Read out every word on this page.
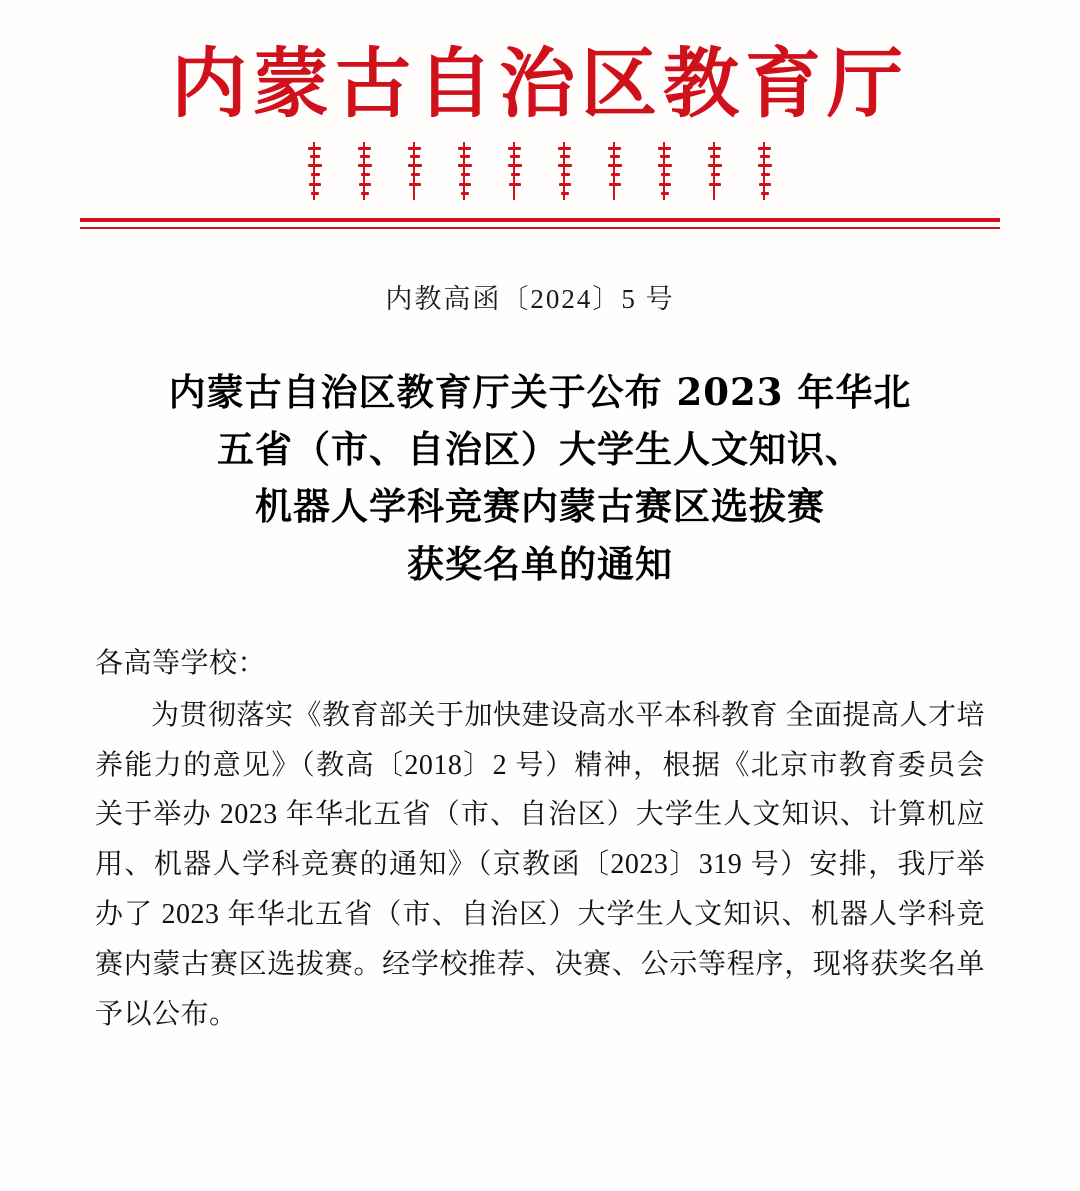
内蒙古自治区教育厅
内教高函〔2024〕5 号
内蒙古自治区教育厅关于公布 2023 年华北
五省（市、自治区）大学生人文知识、
机器人学科竞赛内蒙古赛区选拔赛
获奖名单的通知

各高等学校：

为贯彻落实《教育部关于加快建设高水平本科教育 全面提高人才培养能力的意见》（教高〔2018〕2 号）精神，根据《北京市教育委员会关于举办 2023 年华北五省（市、自治区）大学生人文知识、计算机应用、机器人学科竞赛的通知》（京教函〔2023〕319 号）安排，我厅举办了 2023 年华北五省（市、自治区）大学生人文知识、机器人学科竞赛内蒙古赛区选拔赛。经学校推荐、决赛、公示等程序，现将获奖名单予以公布。
